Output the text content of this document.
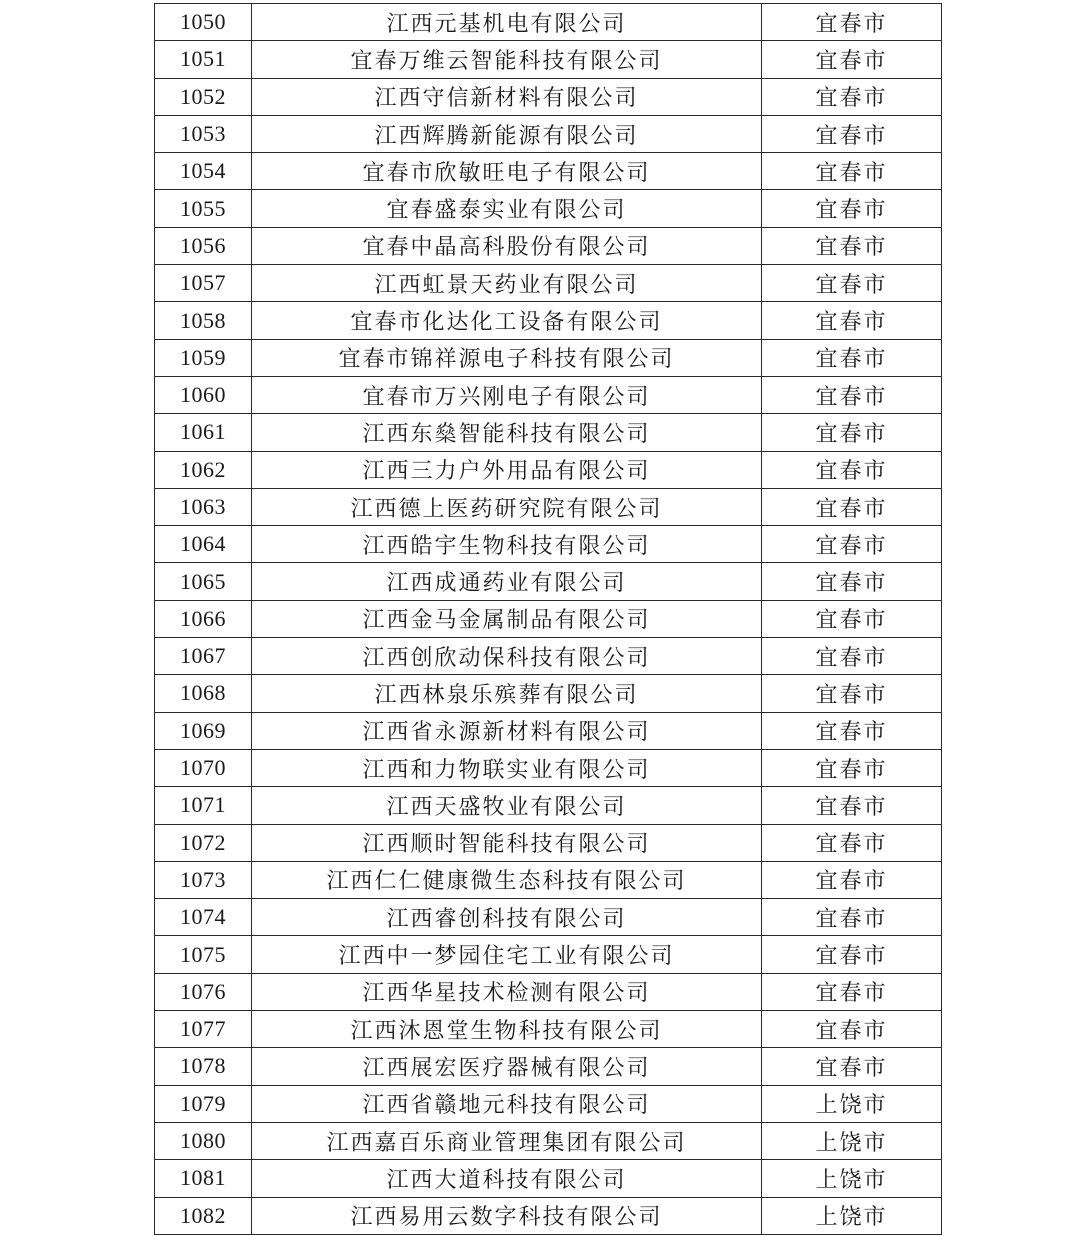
1050	江西元基机电有限公司	宜春市
1051	宜春万维云智能科技有限公司	宜春市
1052	江西守信新材料有限公司	宜春市
1053	江西辉腾新能源有限公司	宜春市
1054	宜春市欣敏旺电子有限公司	宜春市
1055	宜春盛泰实业有限公司	宜春市
1056	宜春中晶高科股份有限公司	宜春市
1057	江西虹景天药业有限公司	宜春市
1058	宜春市化达化工设备有限公司	宜春市
1059	宜春市锦祥源电子科技有限公司	宜春市
1060	宜春市万兴刚电子有限公司	宜春市
1061	江西东燊智能科技有限公司	宜春市
1062	江西三力户外用品有限公司	宜春市
1063	江西德上医药研究院有限公司	宜春市
1064	江西皓宇生物科技有限公司	宜春市
1065	江西成通药业有限公司	宜春市
1066	江西金马金属制品有限公司	宜春市
1067	江西创欣动保科技有限公司	宜春市
1068	江西林泉乐殡葬有限公司	宜春市
1069	江西省永源新材料有限公司	宜春市
1070	江西和力物联实业有限公司	宜春市
1071	江西天盛牧业有限公司	宜春市
1072	江西顺时智能科技有限公司	宜春市
1073	江西仁仁健康微生态科技有限公司	宜春市
1074	江西睿创科技有限公司	宜春市
1075	江西中一梦园住宅工业有限公司	宜春市
1076	江西华星技术检测有限公司	宜春市
1077	江西沐恩堂生物科技有限公司	宜春市
1078	江西展宏医疗器械有限公司	宜春市
1079	江西省赣地元科技有限公司	上饶市
1080	江西嘉百乐商业管理集团有限公司	上饶市
1081	江西大道科技有限公司	上饶市
1082	江西易用云数字科技有限公司	上饶市
